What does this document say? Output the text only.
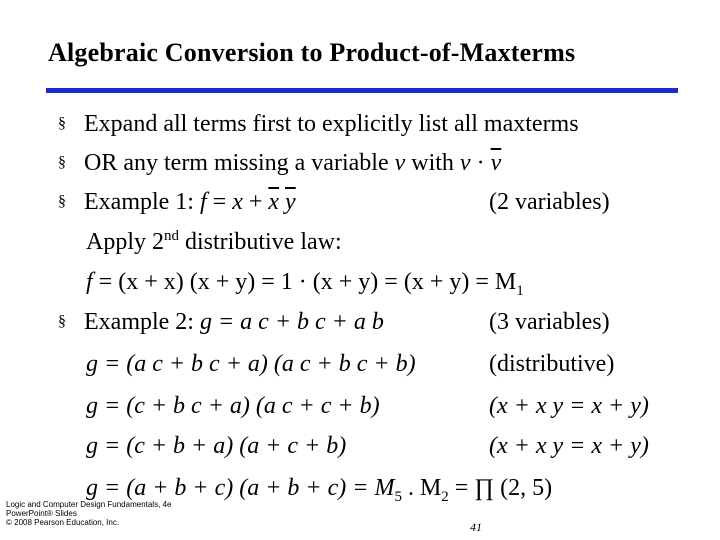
Algebraic Conversion to Product-of-Maxterms
§ Expand all terms first to explicitly list all maxterms
§ OR any term missing a variable v with $v \cdot \overline{v}$
§ Example 1: $f = x + \overline{x}$ $\overline{y}$	(2 variables)
Apply 2nd distributive law:
f = (x + x) $(x + y) = 1 \cdot (x + y) = (x + y) = M_1$
§ Example 2: g = a c + b c + a b	(3 variables)
g = (a c + b c + a) (a c + b c + b)	(distributive)
g = (c + b c + a) (a c + c + b)	(x + x y = x + y)
g = (c + b + a) (a + c + b)	(x + x y = x + y)
g = (a + b + c) $(a + b + c) = M_5$ . $M_2$ = ∏ (2, 5)
Logic and Computer Design Fundamentals, 4e
PowerPoint® Slides
© 2008 Pearson Education, Inc.	41
